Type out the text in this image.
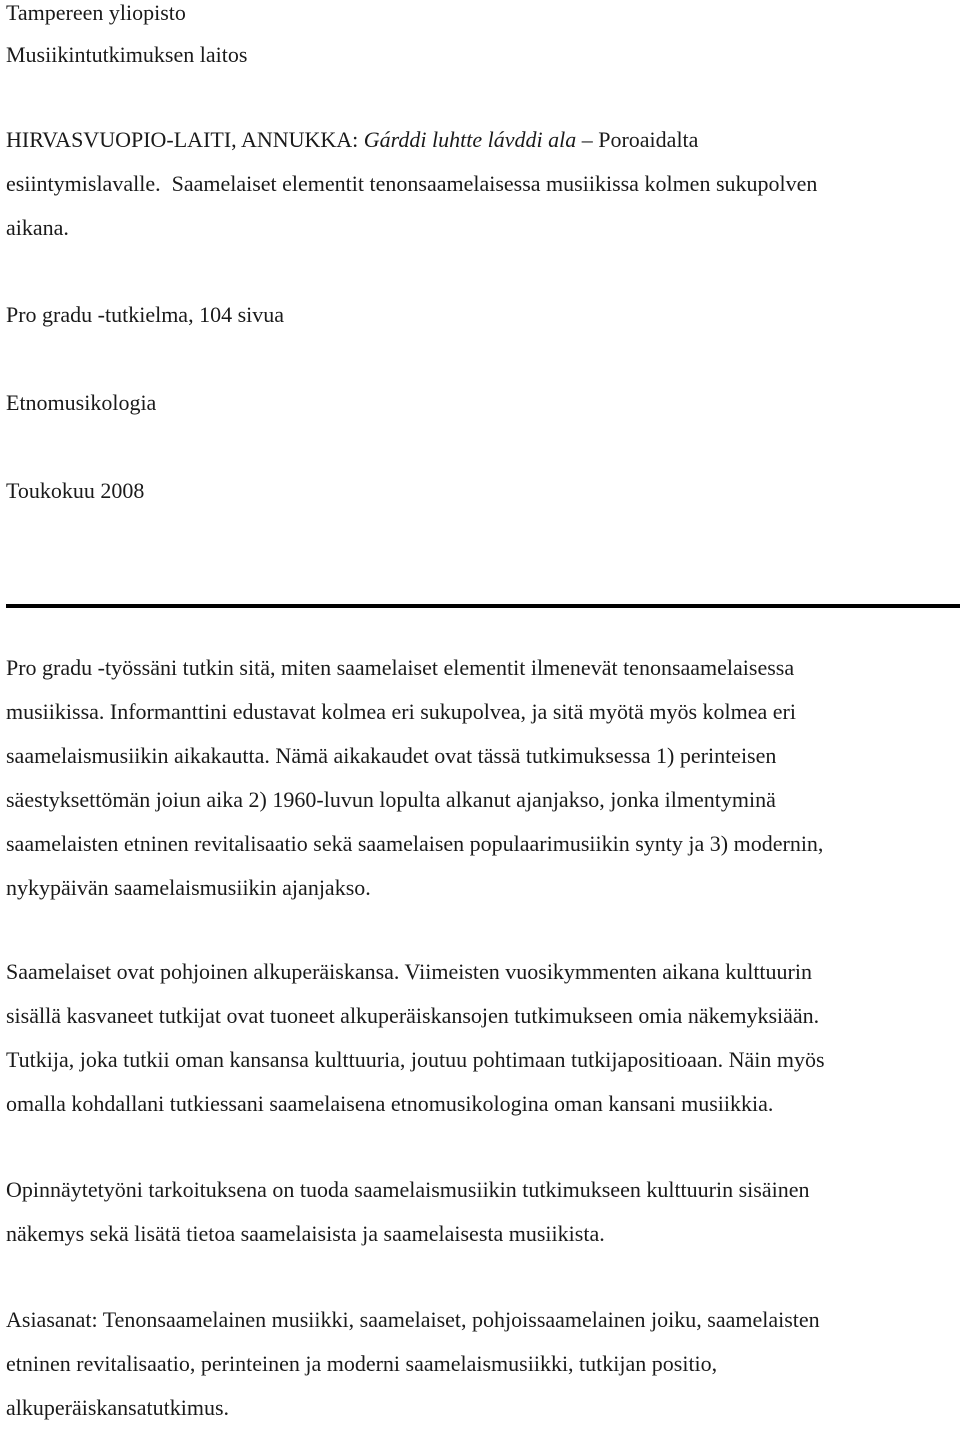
Tampereen yliopisto
Musiikintutkimuksen laitos
HIRVASVUOPIO-LAITI, ANNUKKA: Gárddi luhtte lávddi ala – Poroaidalta
esiintymislavalle.  Saamelaiset elementit tenonsaamelaisessa musiikissa kolmen sukupolven
aikana.
Pro gradu -tutkielma, 104 sivua
Etnomusikologia
Toukokuu 2008
Pro gradu -työssäni tutkin sitä, miten saamelaiset elementit ilmenevät tenonsaamelaisessa
musiikissa. Informanttini edustavat kolmea eri sukupolvea, ja sitä myötä myös kolmea eri
saamelaismusiikin aikakautta. Nämä aikakaudet ovat tässä tutkimuksessa 1) perinteisen
säestyksettömän joiun aika 2) 1960-luvun lopulta alkanut ajanjakso, jonka ilmentyminä
saamelaisten etninen revitalisaatio sekä saamelaisen populaarimusiikin synty ja 3) modernin,
nykypäivän saamelaismusiikin ajanjakso.
Saamelaiset ovat pohjoinen alkuperäiskansa. Viimeisten vuosikymmenten aikana kulttuurin
sisällä kasvaneet tutkijat ovat tuoneet alkuperäiskansojen tutkimukseen omia näkemyksiään.
Tutkija, joka tutkii oman kansansa kulttuuria, joutuu pohtimaan tutkijapositioaan. Näin myös
omalla kohdallani tutkiessani saamelaisena etnomusikologina oman kansani musiikkia.
Opinnäytetyöni tarkoituksena on tuoda saamelaismusiikin tutkimukseen kulttuurin sisäinen
näkemys sekä lisätä tietoa saamelaisista ja saamelaisesta musiikista.
Asiasanat: Tenonsaamelainen musiikki, saamelaiset, pohjoissaamelainen joiku, saamelaisten
etninen revitalisaatio, perinteinen ja moderni saamelaismusiikki, tutkijan positio,
alkuperäiskansatutkimus.
